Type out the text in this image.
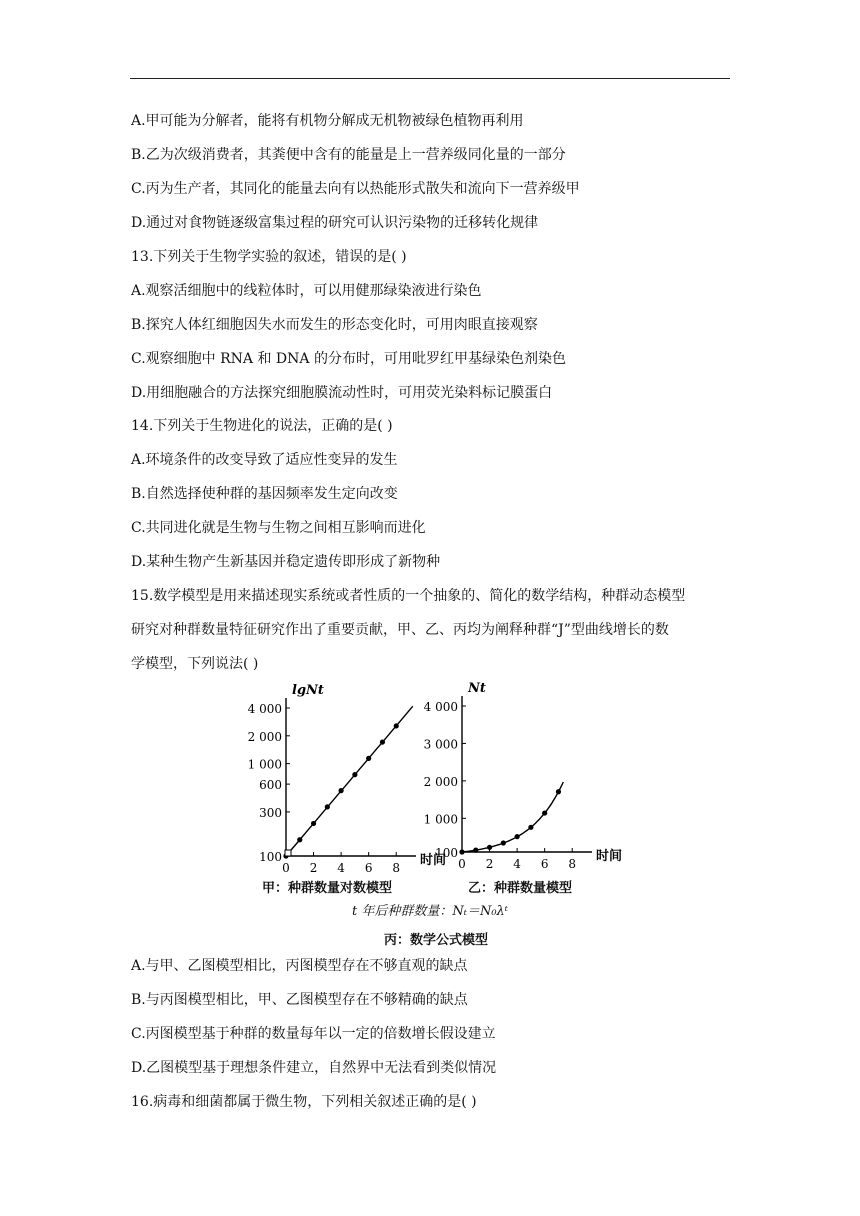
A.甲可能为分解者，能将有机物分解成无机物被绿色植物再利用
B.乙为次级消费者，其粪便中含有的能量是上一营养级同化量的一部分
C.丙为生产者，其同化的能量去向有以热能形式散失和流向下一营养级甲
D.通过对食物链逐级富集过程的研究可认识污染物的迁移转化规律
13.下列关于生物学实验的叙述，错误的是( )
A.观察活细胞中的线粒体时，可以用健那绿染液进行染色
B.探究人体红细胞因失水而发生的形态变化时，可用肉眼直接观察
C.观察细胞中 RNA 和 DNA 的分布时，可用吡罗红甲基绿染色剂染色
D.用细胞融合的方法探究细胞膜流动性时，可用荧光染料标记膜蛋白
14.下列关于生物进化的说法，正确的是( )
A.环境条件的改变导致了适应性变异的发生
B.自然选择使种群的基因频率发生定向改变
C.共同进化就是生物与生物之间相互影响而进化
D.某种生物产生新基因并稳定遗传即形成了新物种
15.数学模型是用来描述现实系统或者性质的一个抽象的、简化的数学结构，种群动态模型
研究对种群数量特征研究作出了重要贡献，甲、乙、丙均为阐释种群“J”型曲线增长的数
学模型，下列说法( )
lgNt
时间
100
300
600
1 000
2 000
4 000
0 2 4 6 8
Nt
时间
100
1 000
2 000
3 000
4 000
0 2 4 6 8
甲：种群数量对数模型	乙：种群数量模型
t 年后种群数量：Nₜ＝N₀λᵗ
丙：数学公式模型
A.与甲、乙图模型相比，丙图模型存在不够直观的缺点
B.与丙图模型相比，甲、乙图模型存在不够精确的缺点
C.丙图模型基于种群的数量每年以一定的倍数增长假设建立
D.乙图模型基于理想条件建立，自然界中无法看到类似情况
16.病毒和细菌都属于微生物，下列相关叙述正确的是( )
